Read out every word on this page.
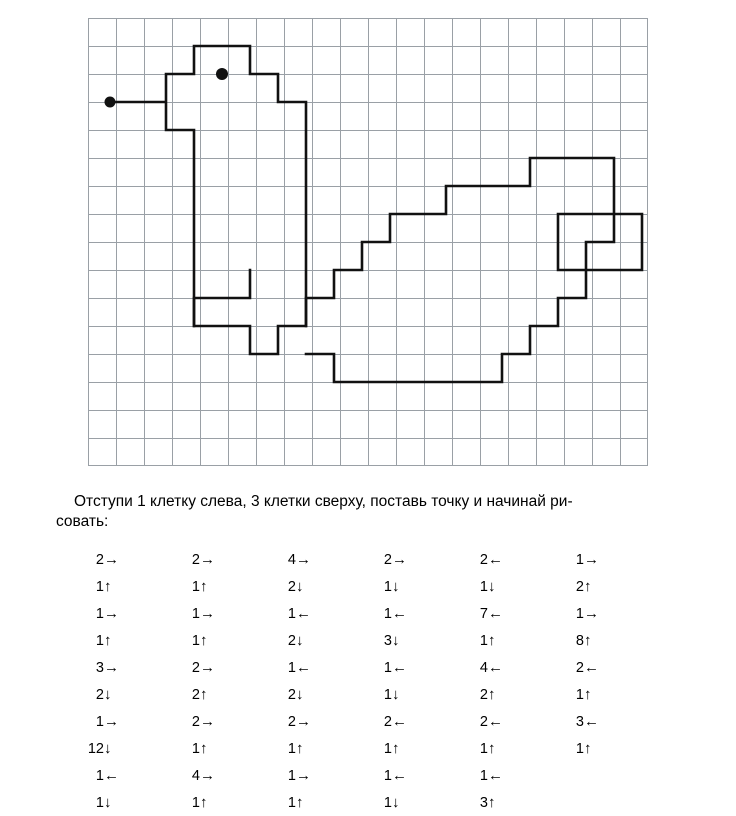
Отступи 1 клетку слева, 3 клетки сверху, поставь точку и начинай ри-
совать:
2	→	2	→	4	→	2	→	2	←	1	→
1	↑	1	↑	2	↓	1	↓	1	↓	2	↑
1	→	1	→	1	←	1	←	7	←	1	→
1	↑	1	↑	2	↓	3	↓	1	↑	8	↑
3	→	2	→	1	←	1	←	4	←	2	←
2	↓	2	↑	2	↓	1	↓	2	↑	1	↑
1	→	2	→	2	→	2	←	2	←	3	←
12	↓	1	↑	1	↑	1	↑	1	↑	1	↑
1	←	4	→	1	→	1	←	1	←		
1	↓	1	↑	1	↑	1	↓	3	↑		
